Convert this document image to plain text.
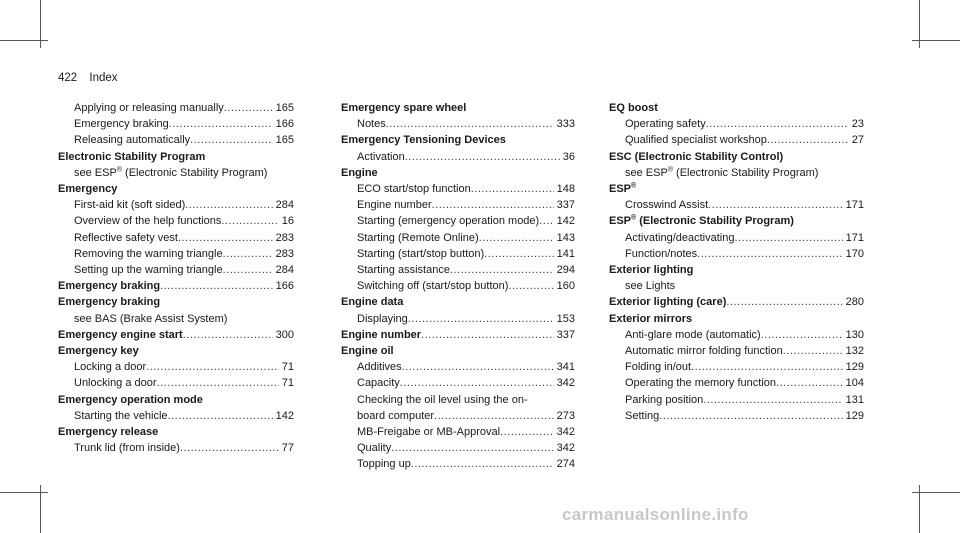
422 Index
Applying or releasing manually .....	165
Emergency braking .....	166
Releasing automatically .....	165
Electronic Stability Program
see ESP® (Electronic Stability Program)
Emergency
First-aid kit (soft sided) .....	284
Overview of the help functions .....	16
Reflective safety vest .....	283
Removing the warning triangle .....	283
Setting up the warning triangle .....	284
Emergency braking .....	166
Emergency braking
see BAS (Brake Assist System)
Emergency engine start .....	300
Emergency key
Locking a door .....	71
Unlocking a door .....	71
Emergency operation mode
Starting the vehicle .....	142
Emergency release
Trunk lid (from inside) .....	77
Emergency spare wheel
Notes .....	333
Emergency Tensioning Devices
Activation .....	36
Engine
ECO start/stop function .....	148
Engine number .....	337
Starting (emergency operation mode) ..... 142
Starting (Remote Online) .....	143
Starting (start/stop button) .....	141
Starting assistance .....	294
Switching off (start/stop button) .....	160
Engine data
Displaying .....	153
Engine number .....	337
Engine oil
Additives .....	341
Capacity .....	342
Checking the oil level using the on-
board computer .....	273
MB-Freigabe or MB-Approval .....	342
Quality .....	342
Topping up .....	274
EQ boost
Operating safety .....	23
Qualified specialist workshop .....	27
ESC (Electronic Stability Control)
see ESP® (Electronic Stability Program)
ESP®
Crosswind Assist .....	171
ESP® (Electronic Stability Program)
Activating/deactivating .....	171
Function/notes .....	170
Exterior lighting
see Lights
Exterior lighting (care) .....	280
Exterior mirrors
Anti-glare mode (automatic) .....	130
Automatic mirror folding function .....	132
Folding in/out .....	129
Operating the memory function .....	104
Parking position .....	131
Setting .....	129
carmanualsonline.info
